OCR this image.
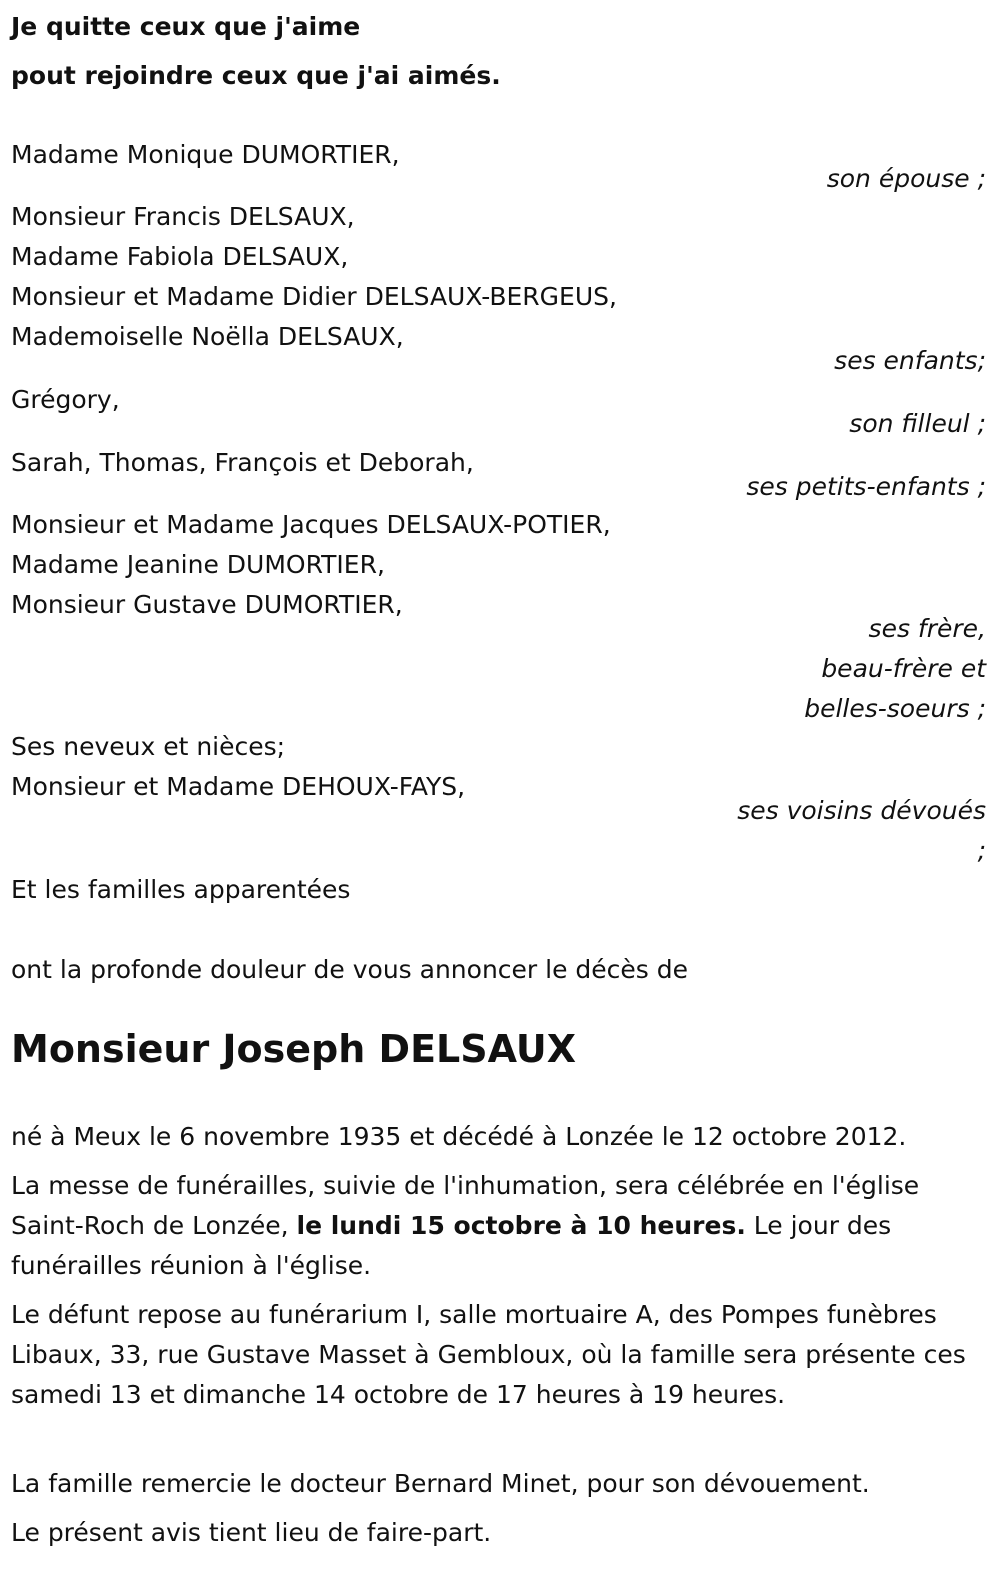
Je quitte ceux que j'aime
pout rejoindre ceux que j'ai aimés.
Madame Monique DUMORTIER,
son épouse ;
Monsieur Francis DELSAUX,
Madame Fabiola DELSAUX,
Monsieur et Madame Didier DELSAUX-BERGEUS,
Mademoiselle Noëlla DELSAUX,
ses enfants;
Grégory,
son filleul ;
Sarah, Thomas, François et Deborah,
ses petits-enfants ;
Monsieur et Madame Jacques DELSAUX-POTIER,
Madame Jeanine DUMORTIER,
Monsieur Gustave DUMORTIER,
ses frère,
beau-frère et
belles-soeurs ;
Ses neveux et nièces;
Monsieur et Madame DEHOUX-FAYS,
ses voisins dévoués
;
Et les familles apparentées
ont la profonde douleur de vous annoncer le décès de
Monsieur Joseph DELSAUX
né à Meux le 6 novembre 1935 et décédé à Lonzée le 12 octobre 2012.
La messe de funérailles, suivie de l'inhumation, sera célébrée en l'église Saint-Roch de Lonzée, le lundi 15 octobre à 10 heures. Le jour des funérailles réunion à l'église.
Le défunt repose au funérarium I, salle mortuaire A, des Pompes funèbres Libaux, 33, rue Gustave Masset à Gembloux, où la famille sera présente ces samedi 13 et dimanche 14 octobre de 17 heures à 19 heures.
La famille remercie le docteur Bernard Minet, pour son dévouement.
Le présent avis tient lieu de faire-part.
